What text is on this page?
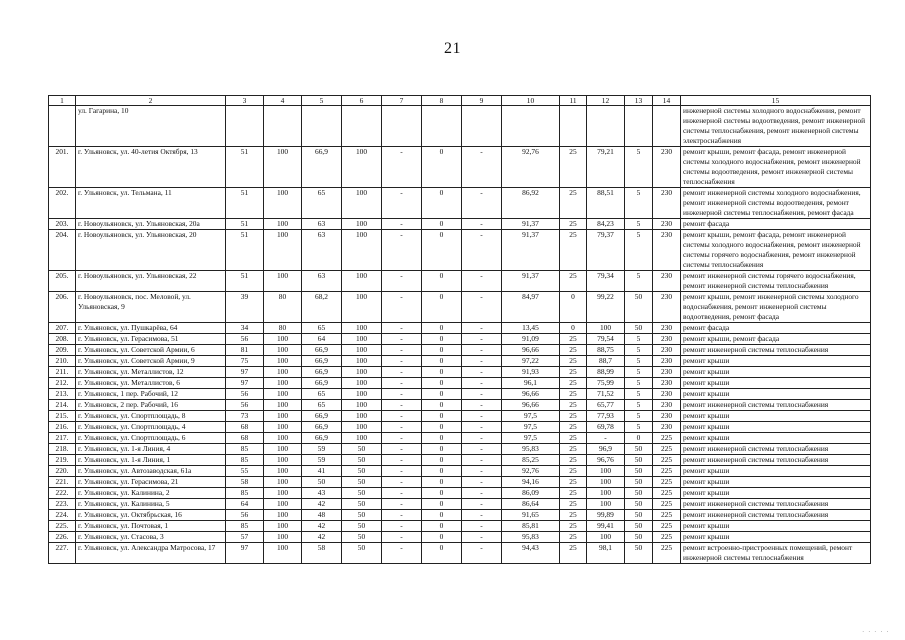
21
1	2	3	4	5	6	7	8	9	10	11	12	13	14	15
	ул. Гагарина, 10													инженерной системы холодного водоснабжения, ремонт инженерной системы водоотведения, ремонт инженерной системы теплоснабжения, ремонт инженерной системы электроснабжения
201.	г. Ульяновск, ул. 40-летия Октября, 13	51	100	66,9	100	-	0	-	92,76	25	79,21	5	230	ремонт крыши, ремонт фасада, ремонт инженерной системы холодного водоснабжения, ремонт инженерной системы водоотведения, ремонт инженерной системы теплоснабжения
202.	г. Ульяновск, ул. Тельмана, 11	51	100	65	100	-	0	-	86,92	25	88,51	5	230	ремонт инженерной системы холодного водоснабжения, ремонт инженерной системы водоотведения, ремонт инженерной системы теплоснабжения, ремонт фасада
203.	г. Новоульяновск, ул. Ульяновская, 20а	51	100	63	100	-	0	-	91,37	25	84,23	5	230	ремонт фасада
204.	г. Новоульяновск, ул. Ульяновская, 20	51	100	63	100	-	0	-	91,37	25	79,37	5	230	ремонт крыши, ремонт фасада, ремонт инженерной системы холодного водоснабжения, ремонт инженерной системы горячего водоснабжения, ремонт инженерной системы теплоснабжения
205.	г. Новоульяновск, ул. Ульяновская, 22	51	100	63	100	-	0	-	91,37	25	79,34	5	230	ремонт инженерной системы горячего водоснабжения, ремонт инженерной системы теплоснабжения
206.	г. Новоульяновск, пос. Меловой, ул. Ульяновская, 9	39	80	68,2	100	-	0	-	84,97	0	99,22	50	230	ремонт крыши, ремонт инженерной системы холодного водоснабжения, ремонт инженерной системы водоотведения, ремонт фасада
207.	г. Ульяновск, ул. Пушкарёва, 64	34	80	65	100	-	0	-	13,45	0	100	50	230	ремонт фасада
208.	г. Ульяновск, ул. Герасимова, 51	56	100	64	100	-	0	-	91,09	25	79,54	5	230	ремонт крыши, ремонт фасада
209.	г. Ульяновск, ул. Советской Армии, 6	81	100	66,9	100	-	0	-	96,66	25	88,75	5	230	ремонт инженерной системы теплоснабжения
210.	г. Ульяновск, ул. Советской Армии, 9	75	100	66,9	100	-	0	-	97,22	25	88,7	5	230	ремонт крыши
211.	г. Ульяновск, ул. Металлистов, 12	97	100	66,9	100	-	0	-	91,93	25	88,99	5	230	ремонт крыши
212.	г. Ульяновск, ул. Металлистов, 6	97	100	66,9	100	-	0	-	96,1	25	75,99	5	230	ремонт крыши
213.	г. Ульяновск, 1 пер. Рабочий, 12	56	100	65	100	-	0	-	96,66	25	71,52	5	230	ремонт крыши
214.	г. Ульяновск, 2 пер. Рабочий, 16	56	100	65	100	-	0	-	96,66	25	65,77	5	230	ремонт инженерной системы теплоснабжения
215.	г. Ульяновск, ул. Спортплощадь, 8	73	100	66,9	100	-	0	-	97,5	25	77,93	5	230	ремонт крыши
216.	г. Ульяновск, ул. Спортплощадь, 4	68	100	66,9	100	-	0	-	97,5	25	69,78	5	230	ремонт крыши
217.	г. Ульяновск, ул. Спортплощадь, 6	68	100	66,9	100	-	0	-	97,5	25	-	0	225	ремонт крыши
218.	г. Ульяновск, ул. 1-я Линия, 4	85	100	59	50	-	0	-	95,83	25	96,9	50	225	ремонт инженерной системы теплоснабжения
219.	г. Ульяновск, ул. 1-я Линия, 1	85	100	59	50	-	0	-	85,25	25	96,76	50	225	ремонт инженерной системы теплоснабжения
220.	г. Ульяновск, ул. Автозаводская, 61а	55	100	41	50	-	0	-	92,76	25	100	50	225	ремонт крыши
221.	г. Ульяновск, ул. Герасимова, 21	58	100	50	50	-	0	-	94,16	25	100	50	225	ремонт крыши
222.	г. Ульяновск, ул. Калинина, 2	85	100	43	50	-	0	-	86,09	25	100	50	225	ремонт крыши
223.	г. Ульяновск, ул. Калинина, 5	64	100	42	50	-	0	-	86,64	25	100	50	225	ремонт инженерной системы теплоснабжения
224.	г. Ульяновск, ул. Октябрьская, 16	56	100	48	50	-	0	-	91,65	25	99,89	50	225	ремонт инженерной системы теплоснабжения
225.	г. Ульяновск, ул. Почтовая, 1	85	100	42	50	-	0	-	85,81	25	99,41	50	225	ремонт крыши
226.	г. Ульяновск, ул. Стасова, 3	57	100	42	50	-	0	-	95,83	25	100	50	225	ремонт крыши
227.	г. Ульяновск, ул. Александра Матросова, 17	97	100	58	50	-	0	-	94,43	25	98,1	50	225	ремонт встроенно-пристроенных помещений, ремонт инженерной системы теплоснабжения
· · · · ·
